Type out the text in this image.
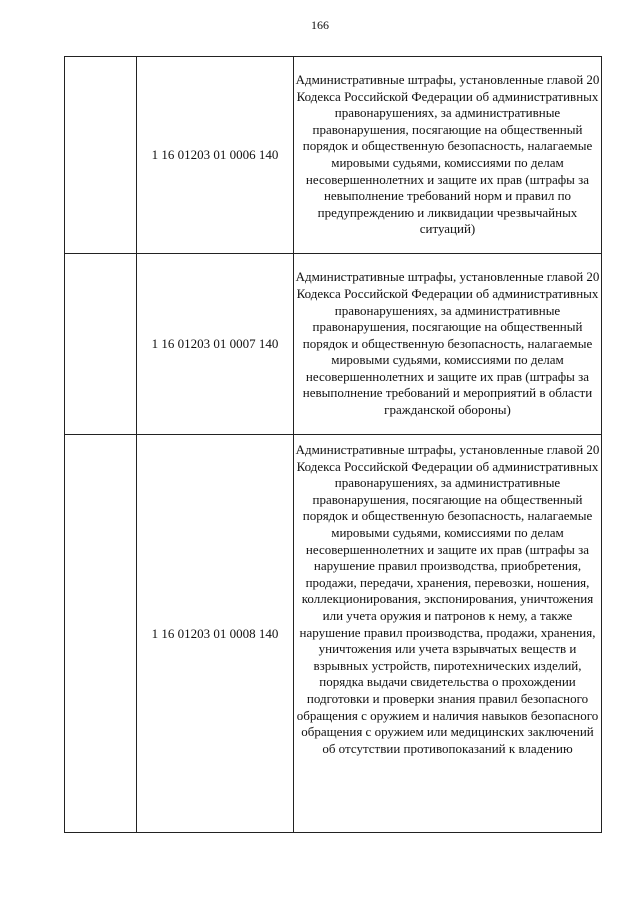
166
	1 16 01203 01 0006 140	Административные штрафы, установленные главой 20 Кодекса Российской Федерации об административных правонарушениях, за административные правонарушения, посягающие на общественный порядок и общественную безопасность, налагаемые мировыми судьями, комиссиями по делам несовершеннолетних и защите их прав (штрафы за невыполнение требований норм и правил по предупреждению и ликвидации чрезвычайных ситуаций)
	1 16 01203 01 0007 140	Административные штрафы, установленные главой 20 Кодекса Российской Федерации об административных правонарушениях, за административные правонарушения, посягающие на общественный порядок и общественную безопасность, налагаемые мировыми судьями, комиссиями по делам несовершеннолетних и защите их прав (штрафы за невыполнение требований и мероприятий в области гражданской обороны)
	1 16 01203 01 0008 140	Административные штрафы, установленные главой 20 Кодекса Российской Федерации об административных правонарушениях, за административные правонарушения, посягающие на общественный порядок и общественную безопасность, налагаемые мировыми судьями, комиссиями по делам несовершеннолетних и защите их прав (штрафы за нарушение правил производства, приобретения, продажи, передачи, хранения, перевозки, ношения, коллекционирования, экспонирования, уничтожения или учета оружия и патронов к нему, а также нарушение правил производства, продажи, хранения, уничтожения или учета взрывчатых веществ и взрывных устройств, пиротехнических изделий, порядка выдачи свидетельства о прохождении подготовки и проверки знания правил безопасного обращения с оружием и наличия навыков безопасного обращения с оружием или медицинских заключений об отсутствии противопоказаний к владению
